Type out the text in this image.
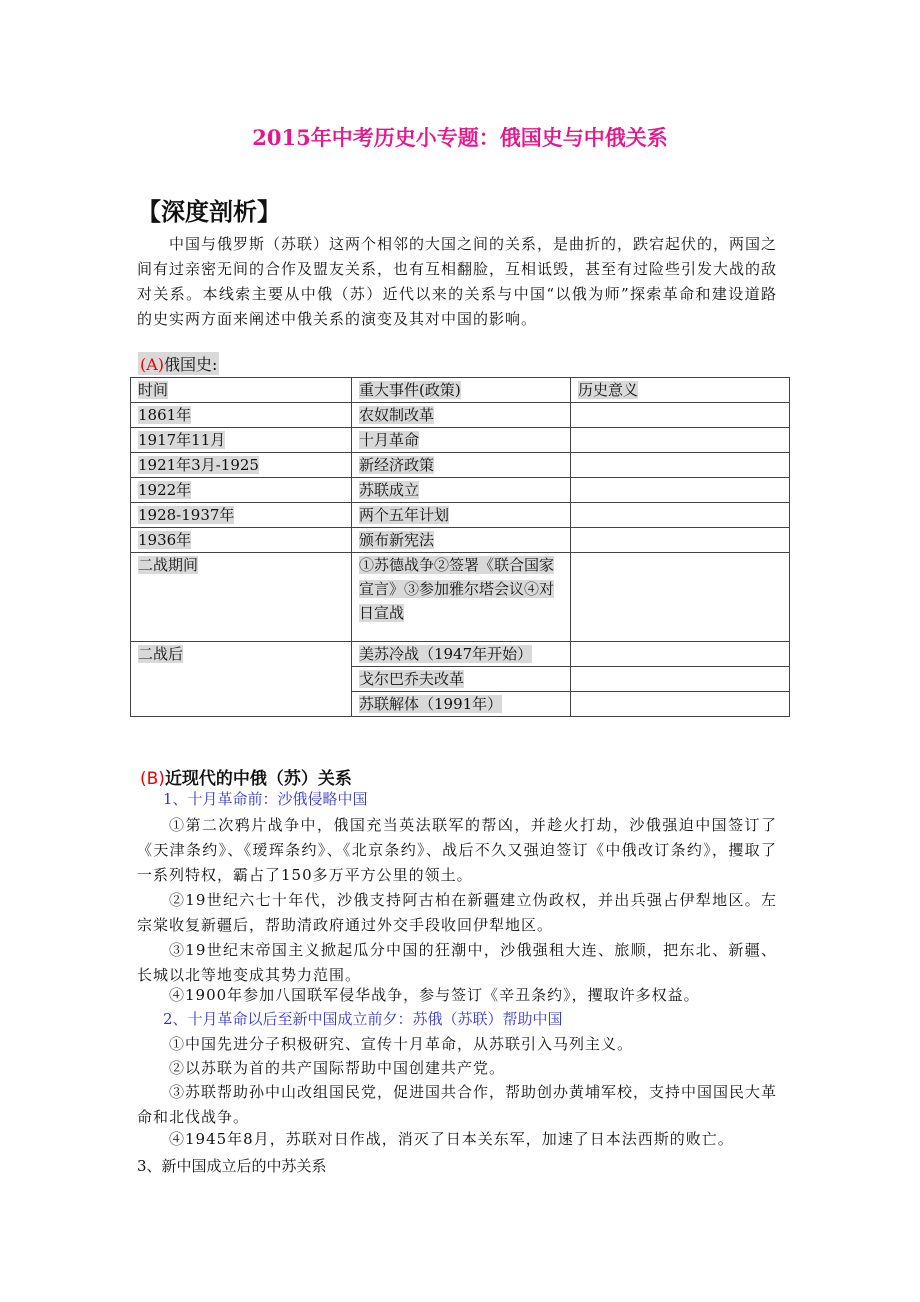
2015年中考历史小专题：俄国史与中俄关系
【深度剖析】
中国与俄罗斯（苏联）这两个相邻的大国之间的关系，是曲折的，跌宕起伏的，两国之间有过亲密无间的合作及盟友关系，也有互相翻脸，互相诋毁，甚至有过险些引发大战的敌对关系。本线索主要从中俄（苏）近代以来的关系与中国“以俄为师”探索革命和建设道路的史实两方面来阐述中俄关系的演变及其对中国的影响。
(A)俄国史:
时间	重大事件(政策)	历史意义
1861年	农奴制改革	
1917年11月	十月革命	
1921年3月-1925	新经济政策	
1922年	苏联成立	
1928-1937年	两个五年计划	
1936年	颁布新宪法	
二战期间	①苏德战争②签署《联合国家宣言》③参加雅尔塔会议④对日宣战	
二战后	美苏冷战（1947年开始）	
	戈尔巴乔夫改革	
	苏联解体（1991年）	
(B)近现代的中俄（苏）关系
1、十月革命前：沙俄侵略中国
①第二次鸦片战争中，俄国充当英法联军的帮凶，并趁火打劫，沙俄强迫中国签订了《天津条约》、《瑷珲条约》、《北京条约》、战后不久又强迫签订《中俄改订条约》，攫取了一系列特权，霸占了150多万平方公里的领土。
②19世纪六七十年代，沙俄支持阿古柏在新疆建立伪政权，并出兵强占伊犁地区。左宗棠收复新疆后，帮助清政府通过外交手段收回伊犁地区。
③19世纪末帝国主义掀起瓜分中国的狂潮中，沙俄强租大连、旅顺，把东北、新疆、长城以北等地变成其势力范围。
④1900年参加八国联军侵华战争，参与签订《辛丑条约》，攫取许多权益。
2、十月革命以后至新中国成立前夕：苏俄（苏联）帮助中国
①中国先进分子积极研究、宣传十月革命，从苏联引入马列主义。
②以苏联为首的共产国际帮助中国创建共产党。
③苏联帮助孙中山改组国民党，促进国共合作，帮助创办黄埔军校，支持中国国民大革命和北伐战争。
④1945年8月，苏联对日作战，消灭了日本关东军，加速了日本法西斯的败亡。
3、新中国成立后的中苏关系
